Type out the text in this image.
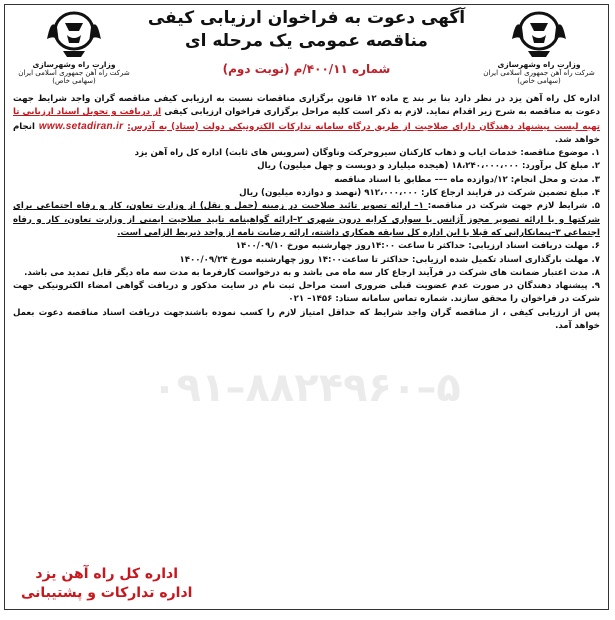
۰۹۱–۸۸۲۴۹۶۰–۵
وزارت راه وشهرسازی
شرکت راه آهن جمهوری اسلامی ایران (سهامی خاص)
آگهی دعوت به فراخوان ارزیابی کیفی
مناقصه عمومی یک مرحله ای
شماره ۴۰۰/۱۱/م (نوبت دوم)
وزارت راه وشهرسازی
شرکت راه آهن جمهوری اسلامی ایران (سهامی خاص)

اداره کل راه آهن یزد در نظر دارد بنا بر بند ج ماده ۱۲ قانون برگزاری مناقصات نسبت به ارزیابی کیفی مناقصه گران واجد شرایط جهت دعوت به مناقصه به شرح زیر اقدام نماید. لازم به ذکر است کلیه مراحل برگزاری فراخوان ارزیابی کیفی از دریافت و تحویل اسناد ارزیابی تا تهیه لیست پیشنهاد دهندگان دارای صلاحیت از طریق درگاه سامانه تدارکات الکترونیکی دولت (ستاد) به آدرس: www.setadiran.ir انجام خواهد شد.

۱. موضوع مناقصه: خدمات ایاب و ذهاب کارکنان سیروحرکت وناوگان (سرویس های ثابت) اداره کل راه آهن یزد

۲. مبلغ کل برآورد: ۱۸،۲۴۰،۰۰۰،۰۰۰ (هیجده میلیارد و دویست و چهل میلیون) ریال

۳. مدت و محل انجام: ۱۲/دوازده ماه ––– مطابق با اسناد مناقصه

۴. مبلغ تضمین شرکت در فرایند ارجاع کار: ۹۱۲،۰۰۰،۰۰۰ (نهصد و دوازده میلیون) ریال

۵. شرایط لازم جهت شرکت در مناقصه: ۱– ارائه تصویر تائید صلاحیت در زمینه (حمل و نقل) از وزارت تعاون، کار و رفاه اجتماعی برای شرکتها و یا ارائه تصویر مجوز آژانس یا سواری کرایه درون شهری ۲–ارائه گواهینامه تایید صلاحیت ایمنی از وزارت تعاون، کار و رفاه اجتماعی ۳–پیمانکارانی که قبلا با این اداره کل سابقه همکاری داشته، ارائه رضایت نامه از واحد ذیربط الزامی است.

۶. مهلت دریافت اسناد ارزیابی: حداکثر تا ساعت ۱۴:۰۰روز چهارشنبه مورخ ۱۴۰۰/۰۹/۱۰

۷. مهلت بارگذاری اسناد تکمیل شده ارزیابی: حداکثر تا ساعت۱۴:۰۰ روز چهارشنبه مورخ ۱۴۰۰/۰۹/۲۴

۸. مدت اعتبار ضمانت های شرکت در فرآیند ارجاع کار سه ماه می باشد و به درخواست کارفرما به مدت سه ماه دیگر قابل تمدید می باشد.

۹. پیشنهاد دهندگان در صورت عدم عضویت قبلی ضروری است مراحل ثبت نام در سایت مذکور و دریافت گواهی امضاء الکترونیکی جهت شرکت در فراخوان را محقق سازند. شماره تماس سامانه ستاد: ۱۴۵۶– ۰۲۱

پس از ارزیابی کیفی ، از مناقصه گران واجد شرایط که حداقل امتیاز لازم را کسب نموده باشندجهت دریافت اسناد مناقصه دعوت بعمل خواهد آمد.

اداره کل راه آهن یزد
اداره تدارکات و پشتیبانی
